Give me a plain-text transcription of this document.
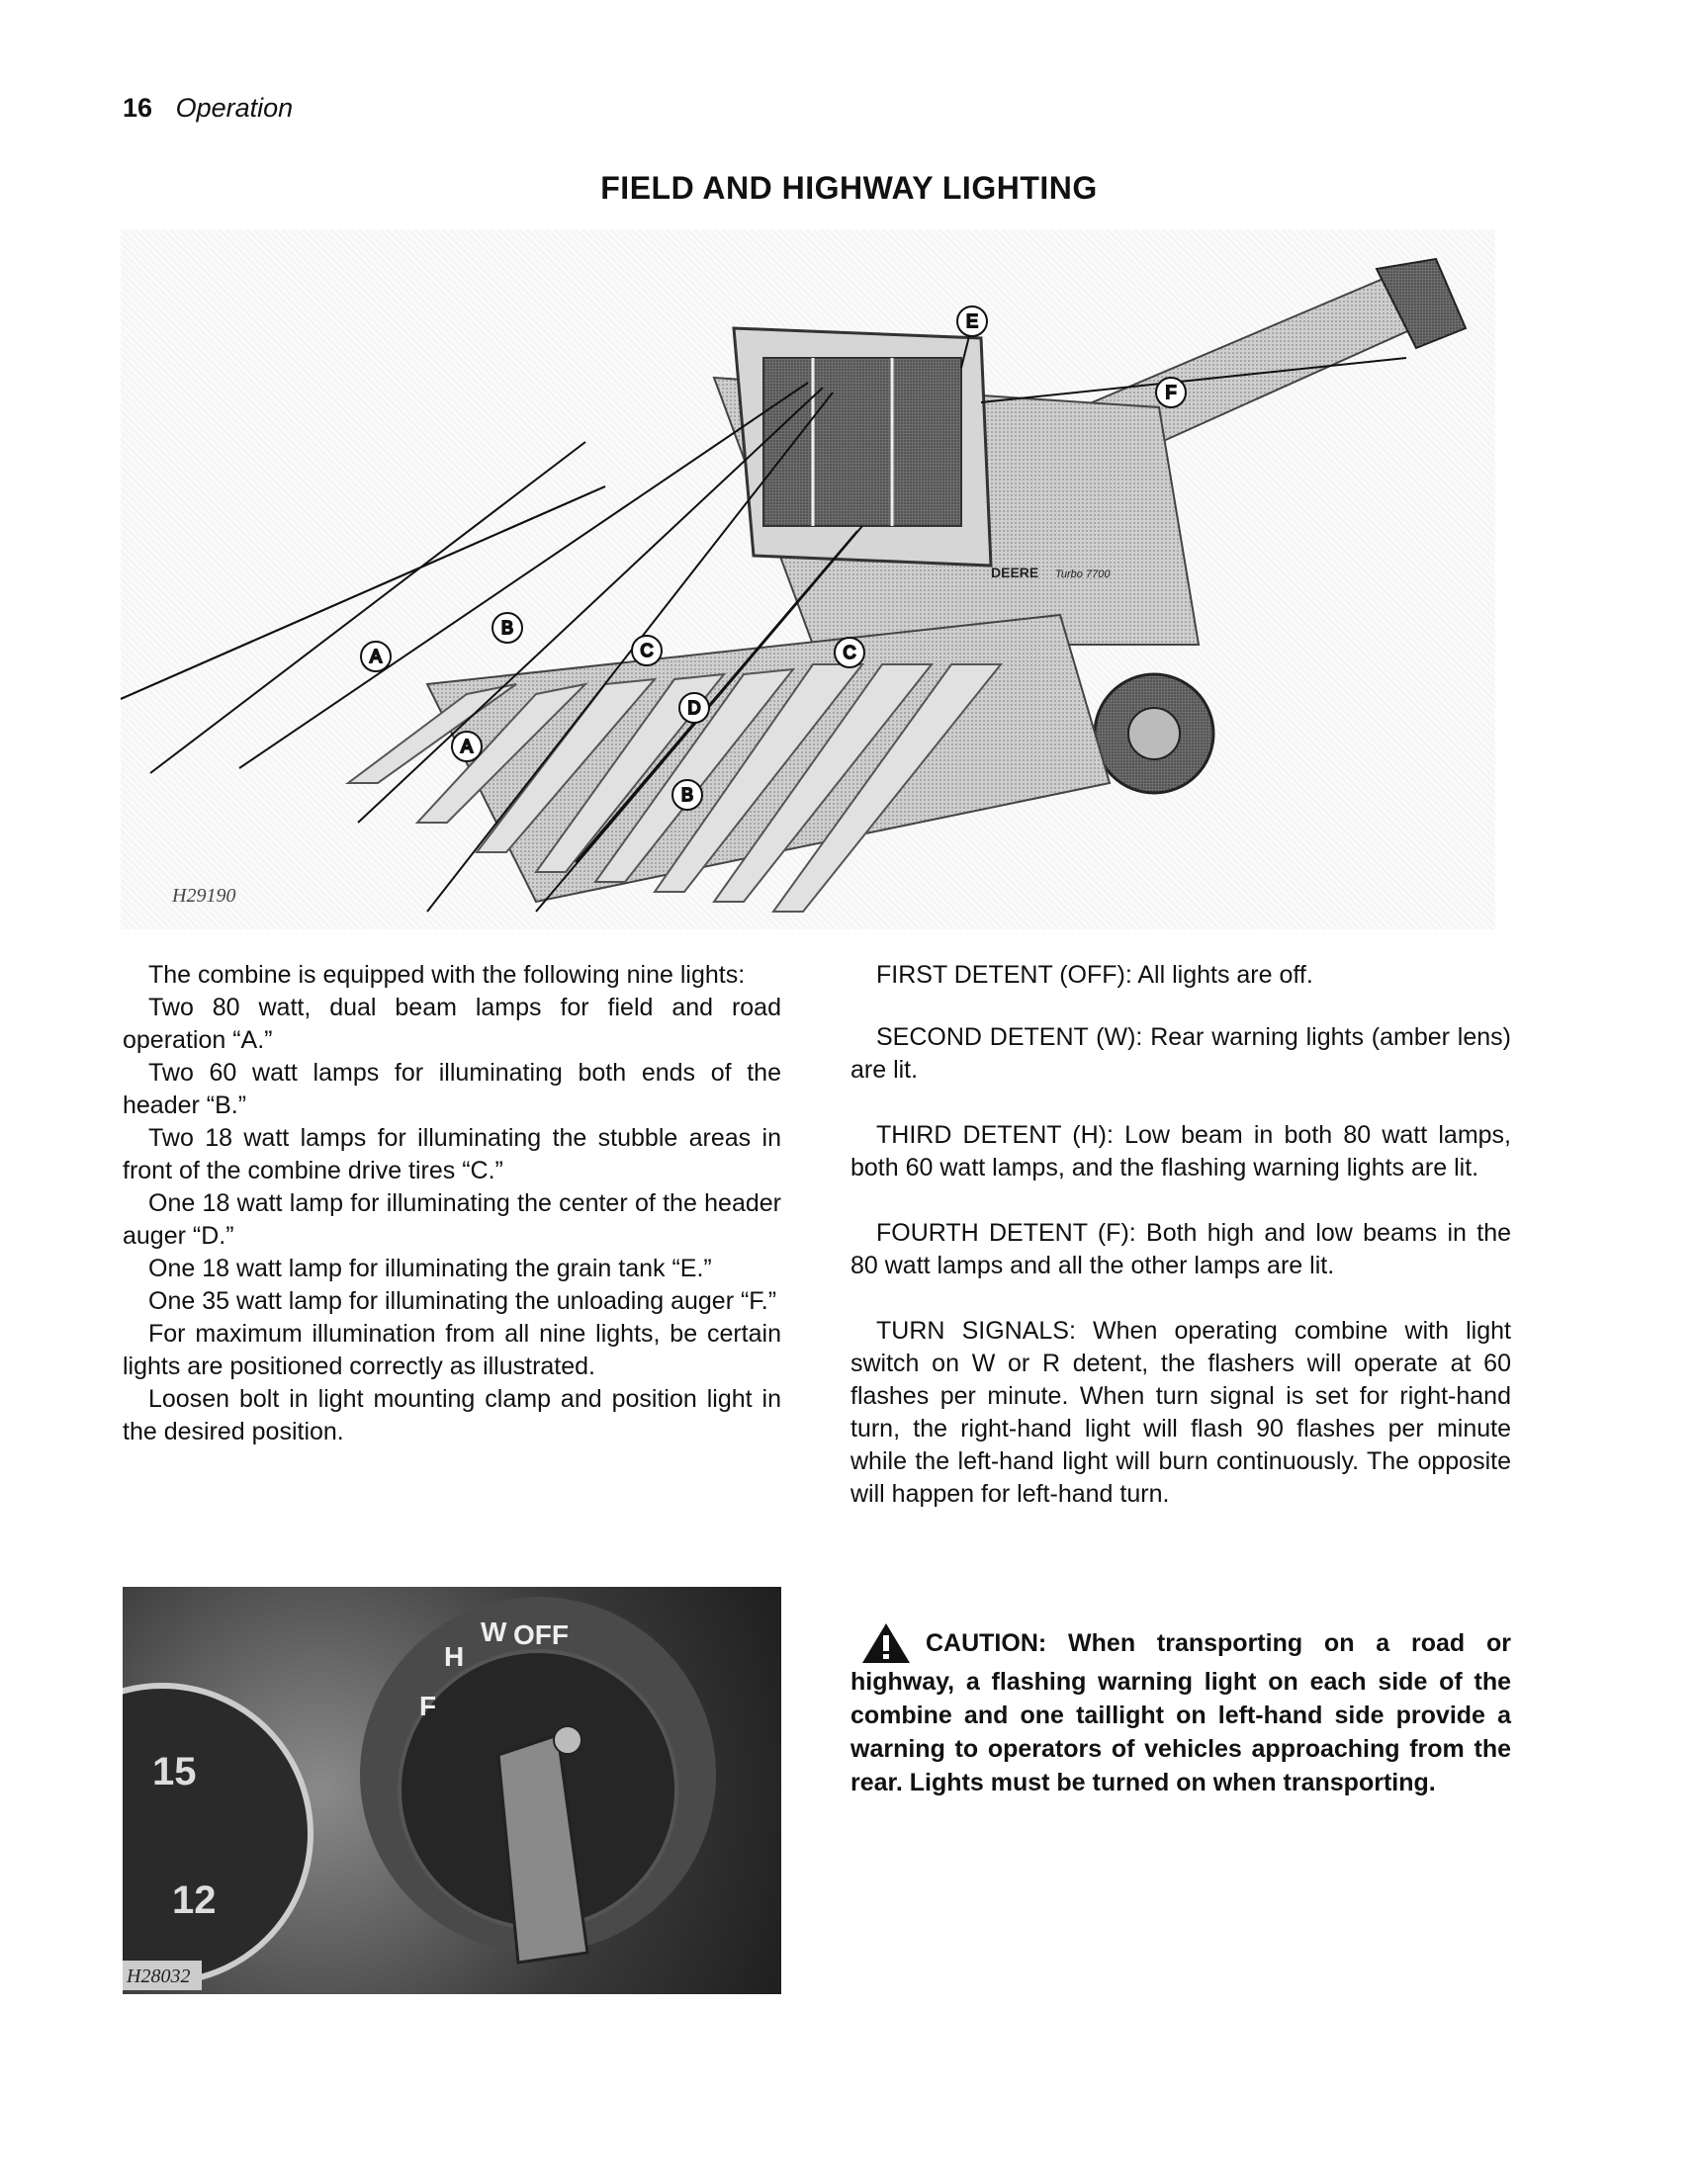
16 Operation
FIELD AND HIGHWAY LIGHTING
DEERE Turbo 7700
E
F
A
B
C	C
D
A
B
H29190

The combine is equipped with the following nine lights:

Two 80 watt, dual beam lamps for field and road operation “A.”

Two 60 watt lamps for illuminating both ends of the header “B.”

Two 18 watt lamps for illuminating the stubble areas in front of the combine drive tires “C.”

One 18 watt lamp for illuminating the center of the header auger “D.”

One 18 watt lamp for illuminating the grain tank “E.”

One 35 watt lamp for illuminating the unloading auger “F.”

For maximum illumination from all nine lights, be certain lights are positioned correctly as illustrated.

Loosen bolt in light mounting clamp and position light in the desired position.

FIRST DETENT (OFF): All lights are off.

SECOND DETENT (W): Rear warning lights (amber lens) are lit.

THIRD DETENT (H): Low beam in both 80 watt lamps, both 60 watt lamps, and the flashing warning lights are lit.

FOURTH DETENT (F): Both high and low beams in the 80 watt lamps and all the other lamps are lit.

TURN SIGNALS: When operating combine with light switch on W or R detent, the flashers will operate at 60 flashes per minute. When turn signal is set for right-hand turn, the right-hand light will flash 90 flashes per minute while the left-hand light will burn continuously. The opposite will happen for left-hand turn.

CAUTION: When transporting on a road or highway, a flashing warning light on each side of the combine and one taillight on left-hand side provide a warning to operators of vehicles approaching from the rear. Lights must be turned on when transporting.
15
12
F
H
W OFF
H28032
